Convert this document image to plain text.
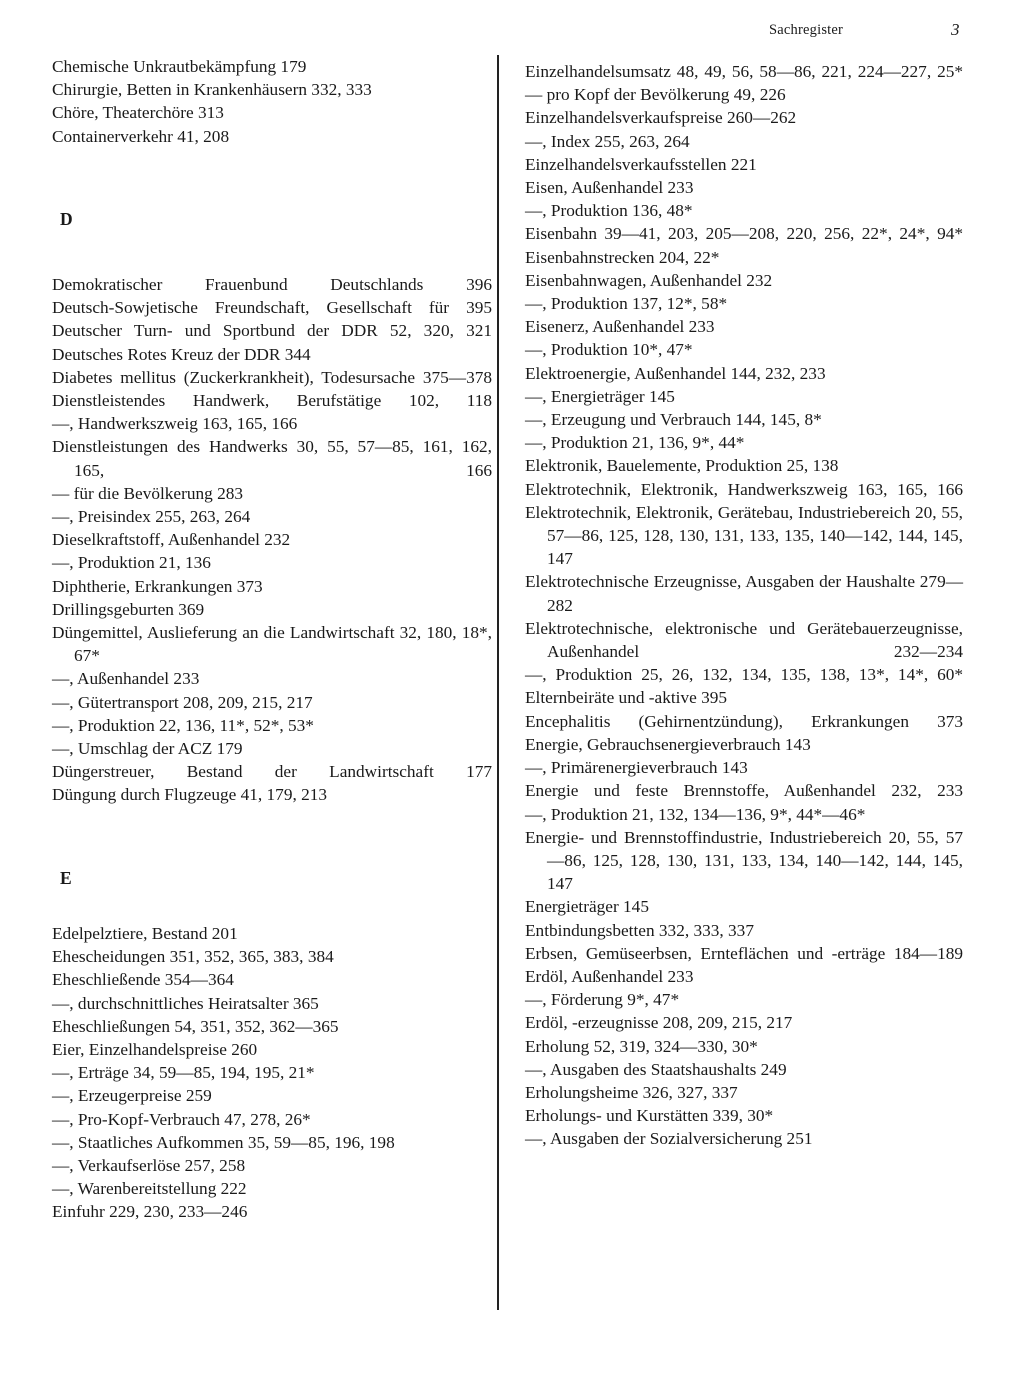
Sachregister	3
Chemische Unkrautbekämpfung 179
Chirurgie, Betten in Krankenhäusern 332, 333
Chöre, Theaterchöre 313
Containerverkehr 41, 208
D
Demokratischer Frauenbund Deutschlands 396
Deutsch-Sowjetische Freundschaft, Gesellschaft für 395
Deutscher Turn- und Sportbund der DDR 52, 320, 321
Deutsches Rotes Kreuz der DDR 344
Diabetes mellitus (Zuckerkrankheit), Todesursache 375—378
Dienstleistendes Handwerk, Berufstätige 102, 118
—, Handwerkszweig 163, 165, 166
Dienstleistungen des Handwerks 30, 55, 57—85, 161, 162, 165, 166
— für die Bevölkerung 283
—, Preisindex 255, 263, 264
Dieselkraftstoff, Außenhandel 232
—, Produktion 21, 136
Diphtherie, Erkrankungen 373
Drillingsgeburten 369
Düngemittel, Auslieferung an die Landwirtschaft 32, 180, 18*, 67*
—, Außenhandel 233
—, Gütertransport 208, 209, 215, 217
—, Produktion 22, 136, 11*, 52*, 53*
—, Umschlag der ACZ 179
Düngerstreuer, Bestand der Landwirtschaft 177
Düngung durch Flugzeuge 41, 179, 213
E
Edelpelztiere, Bestand 201
Ehescheidungen 351, 352, 365, 383, 384
Eheschließende 354—364
—, durchschnittliches Heiratsalter 365
Eheschließungen 54, 351, 352, 362—365
Eier, Einzelhandelspreise 260
—, Erträge 34, 59—85, 194, 195, 21*
—, Erzeugerpreise 259
—, Pro-Kopf-Verbrauch 47, 278, 26*
—, Staatliches Aufkommen 35, 59—85, 196, 198
—, Verkaufserlöse 257, 258
—, Warenbereitstellung 222
Einfuhr 229, 230, 233—246
Einzelhandelsumsatz 48, 49, 56, 58—86, 221, 224—227, 25*
— pro Kopf der Bevölkerung 49, 226
Einzelhandelsverkaufspreise 260—262
—, Index 255, 263, 264
Einzelhandelsverkaufsstellen 221
Eisen, Außenhandel 233
—, Produktion 136, 48*
Eisenbahn 39—41, 203, 205—208, 220, 256, 22*, 24*, 94*
Eisenbahnstrecken 204, 22*
Eisenbahnwagen, Außenhandel 232
—, Produktion 137, 12*, 58*
Eisenerz, Außenhandel 233
—, Produktion 10*, 47*
Elektroenergie, Außenhandel 144, 232, 233
—, Energieträger 145
—, Erzeugung und Verbrauch 144, 145, 8*
—, Produktion 21, 136, 9*, 44*
Elektronik, Bauelemente, Produktion 25, 138
Elektrotechnik, Elektronik, Handwerkszweig 163, 165, 166
Elektrotechnik, Elektronik, Gerätebau, Industriebereich 20, 55, 57—86, 125, 128, 130, 131, 133, 135, 140—142, 144, 145, 147
Elektrotechnische Erzeugnisse, Ausgaben der Haushalte 279—282
Elektrotechnische, elektronische und Gerätebauerzeugnisse, Außenhandel 232—234
—, Produktion 25, 26, 132, 134, 135, 138, 13*, 14*, 60*
Elternbeiräte und -aktive 395
Encephalitis (Gehirnentzündung), Erkrankungen 373
Energie, Gebrauchsenergieverbrauch 143
—, Primärenergieverbrauch 143
Energie und feste Brennstoffe, Außenhandel 232, 233
—, Produktion 21, 132, 134—136, 9*, 44*—46*
Energie- und Brennstoffindustrie, Industriebereich 20, 55, 57—86, 125, 128, 130, 131, 133, 134, 140—142, 144, 145, 147
Energieträger 145
Entbindungsbetten 332, 333, 337
Erbsen, Gemüseerbsen, Ernteflächen und -erträge 184—189
Erdöl, Außenhandel 233
—, Förderung 9*, 47*
Erdöl, -erzeugnisse 208, 209, 215, 217
Erholung 52, 319, 324—330, 30*
—, Ausgaben des Staatshaushalts 249
Erholungsheime 326, 327, 337
Erholungs- und Kurstätten 339, 30*
—, Ausgaben der Sozialversicherung 251
